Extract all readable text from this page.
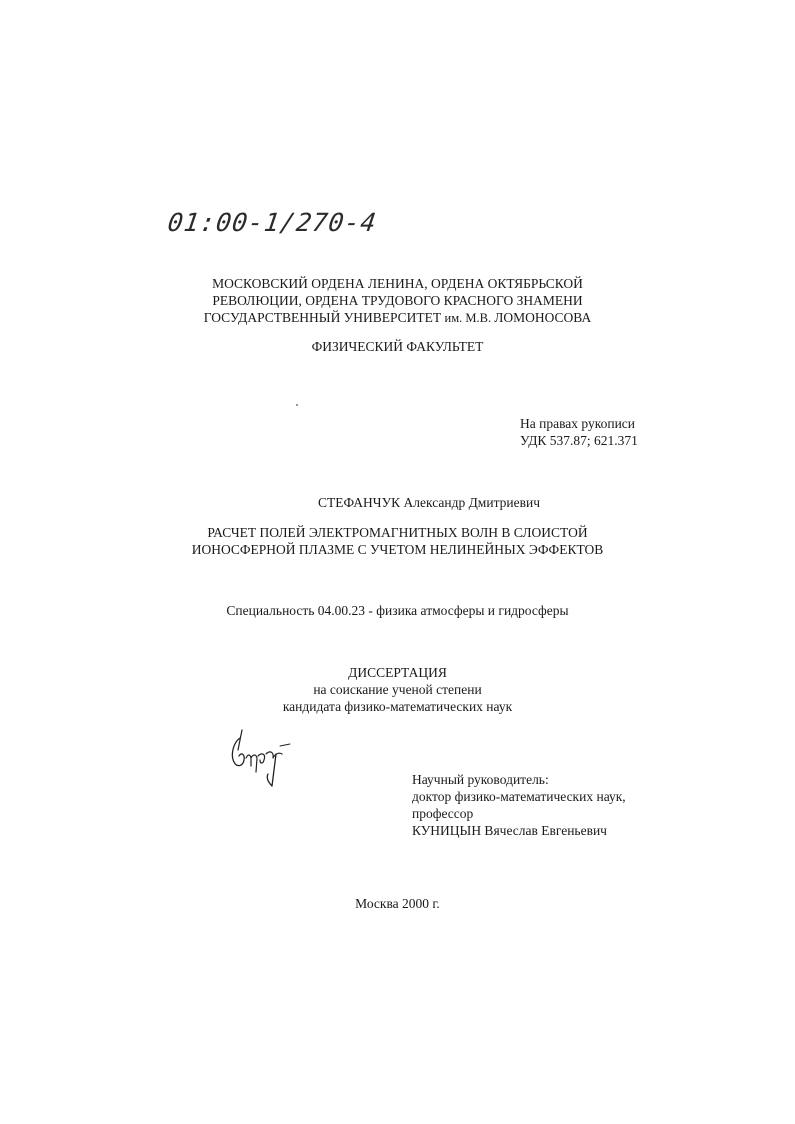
01:00-1/270-4
МОСКОВСКИЙ ОРДЕНА ЛЕНИНА, ОРДЕНА ОКТЯБРЬСКОЙ
РЕВОЛЮЦИИ, ОРДЕНА ТРУДОВОГО КРАСНОГО ЗНАМЕНИ
ГОСУДАРСТВЕННЫЙ УНИВЕРСИТЕТ им. М.В. ЛОМОНОСОВА
ФИЗИЧЕСКИЙ ФАКУЛЬТЕТ
На правах рукописи
УДК 537.87; 621.371
СТЕФАНЧУК Александр Дмитриевич
РАСЧЕТ ПОЛЕЙ ЭЛЕКТРОМАГНИТНЫХ ВОЛН В СЛОИСТОЙ
ИОНОСФЕРНОЙ ПЛАЗМЕ С УЧЕТОМ НЕЛИНЕЙНЫХ ЭФФЕКТОВ
Специальность 04.00.23 - физика атмосферы и гидросферы
ДИССЕРТАЦИЯ
на соискание ученой степени
кандидата физико-математических наук
Научный руководитель:
доктор физико-математических наук,
профессор
КУНИЦЫН Вячеслав Евгеньевич
Москва 2000 г.
